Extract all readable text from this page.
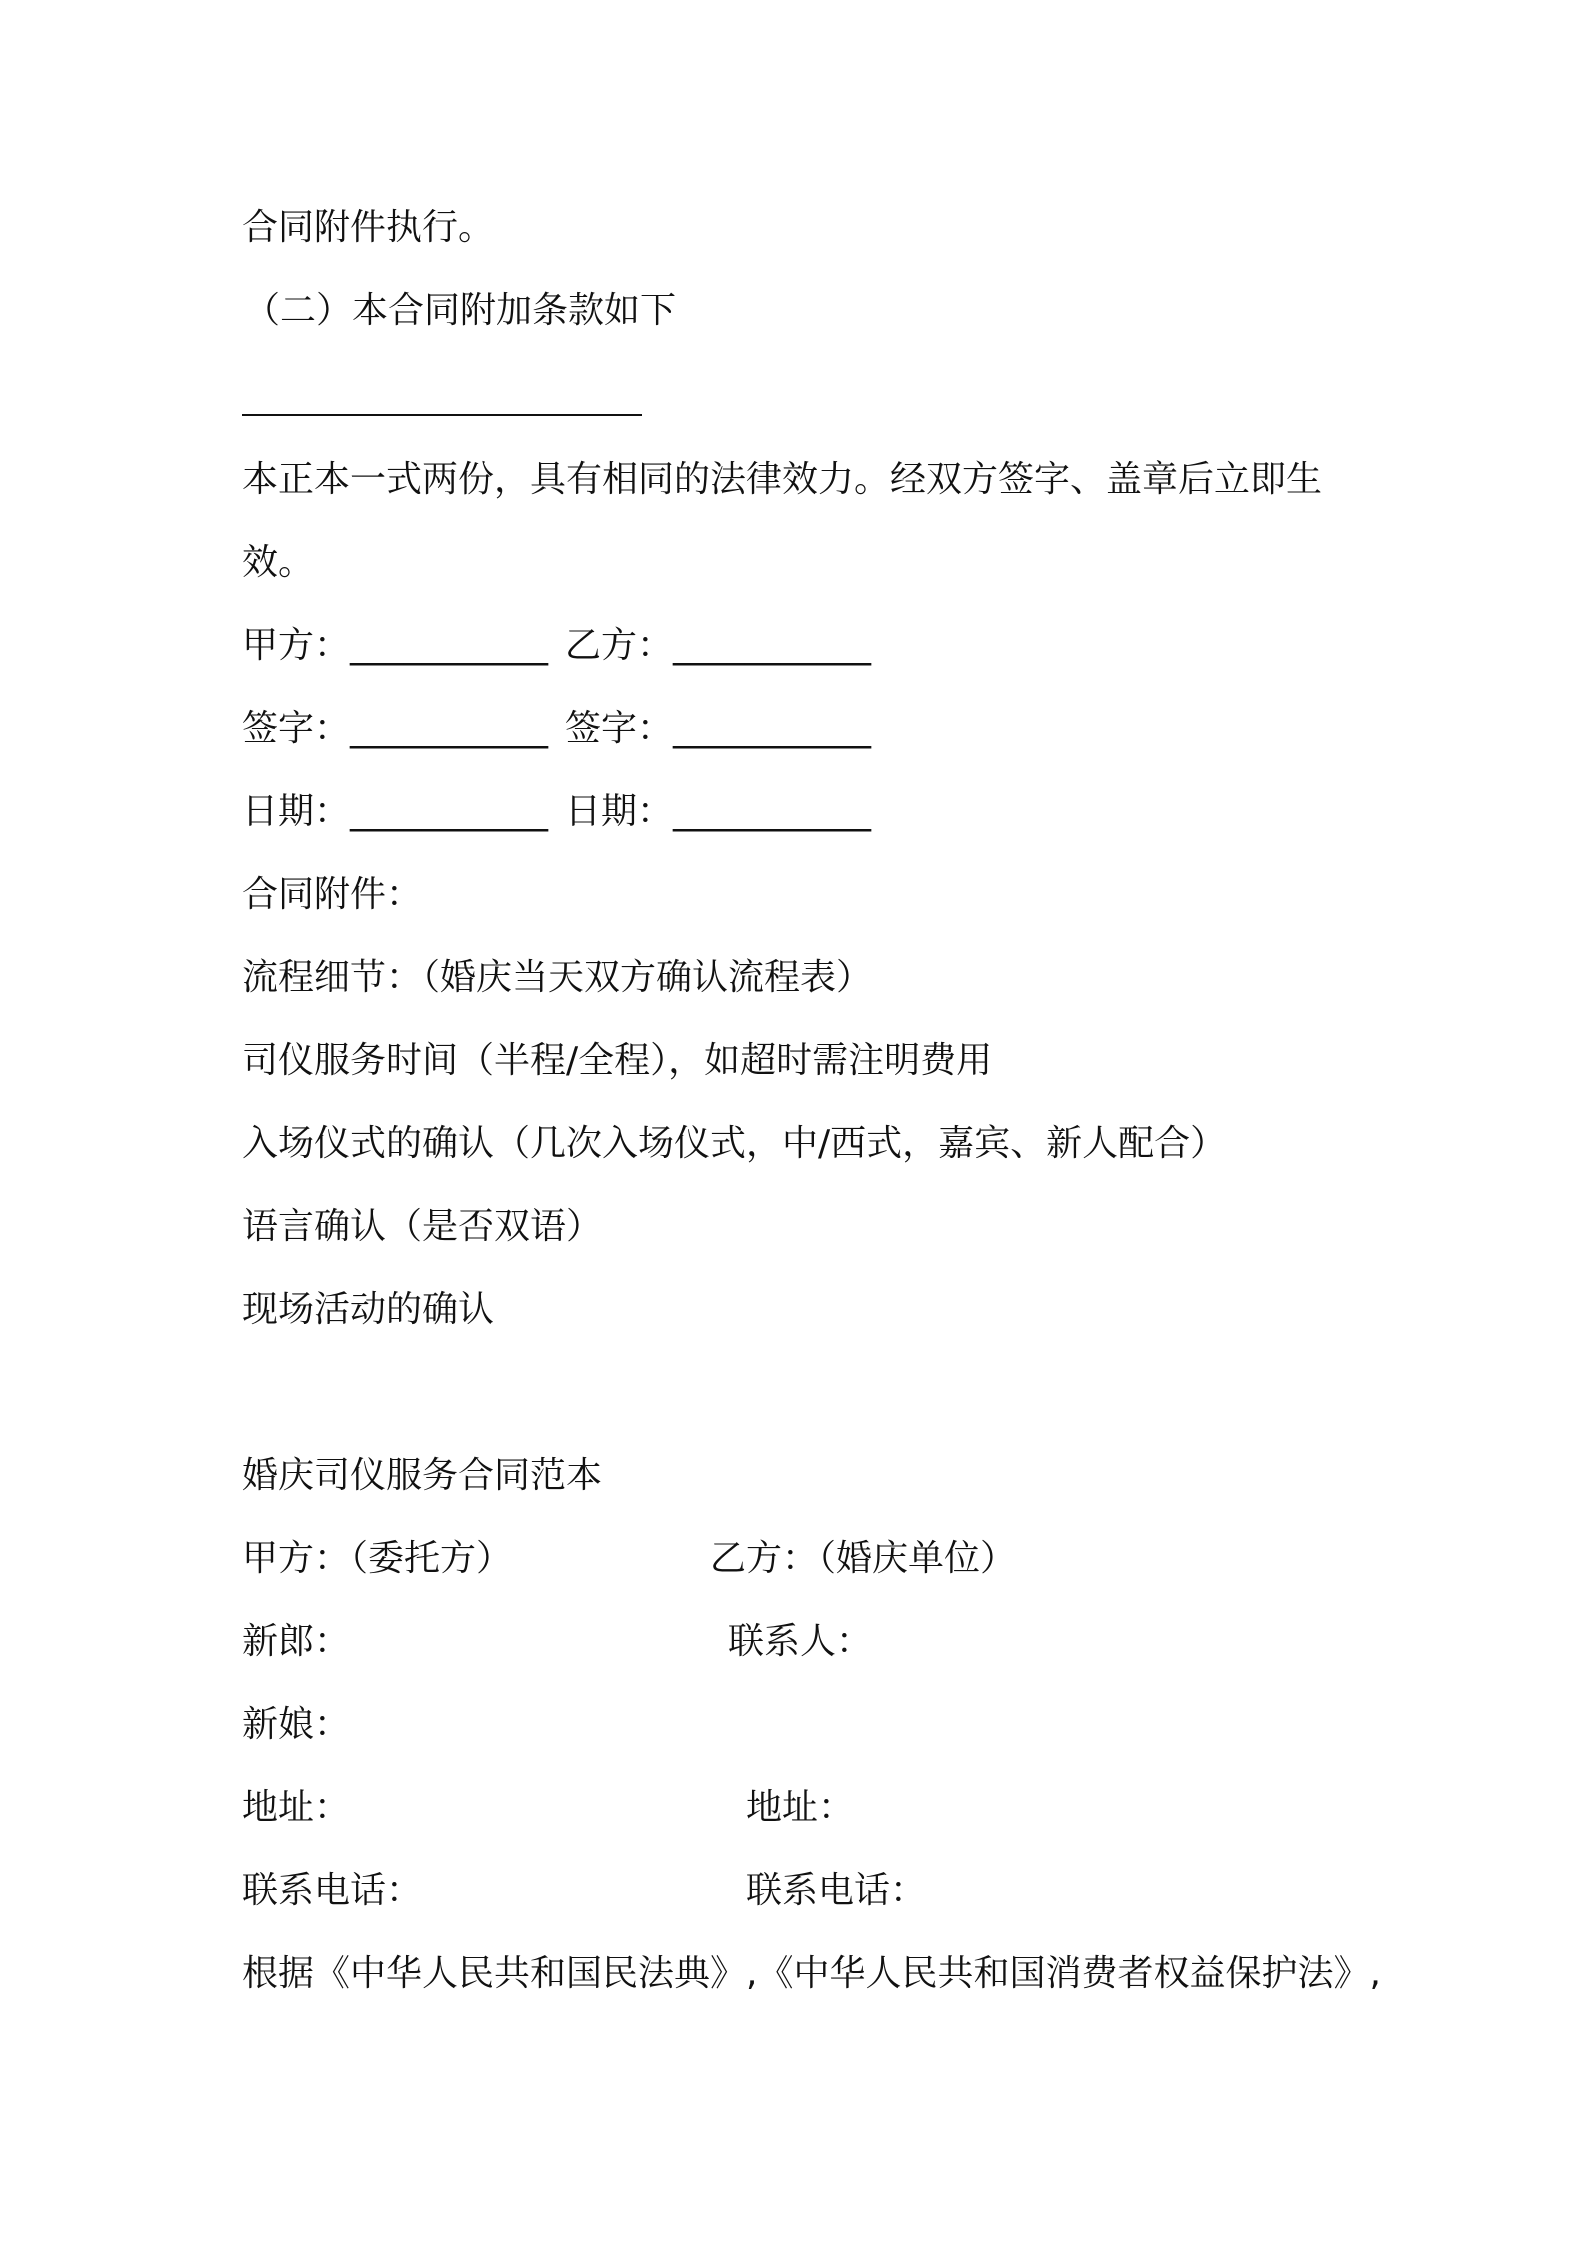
合同附件执行。
（二）本合同附加条款如下
本正本一式两份，具有相同的法律效力。经双方签字、盖章后立即生
效。
甲方：___________ 乙方：___________
签字：___________ 签字：___________
日期：___________ 日期：___________
合同附件：
流程细节：（婚庆当天双方确认流程表）
司仪服务时间（半程/全程），如超时需注明费用
入场仪式的确认（几次入场仪式，中/西式，嘉宾、新人配合）
语言确认（是否双语）
现场活动的确认
婚庆司仪服务合同范本
甲方：（委托方）	乙方：（婚庆单位）
新郎：	联系人：
新娘：
地址：	地址：
联系电话：	联系电话：
根据《中华人民共和国民法典》,《中华人民共和国消费者权益保护法》,
